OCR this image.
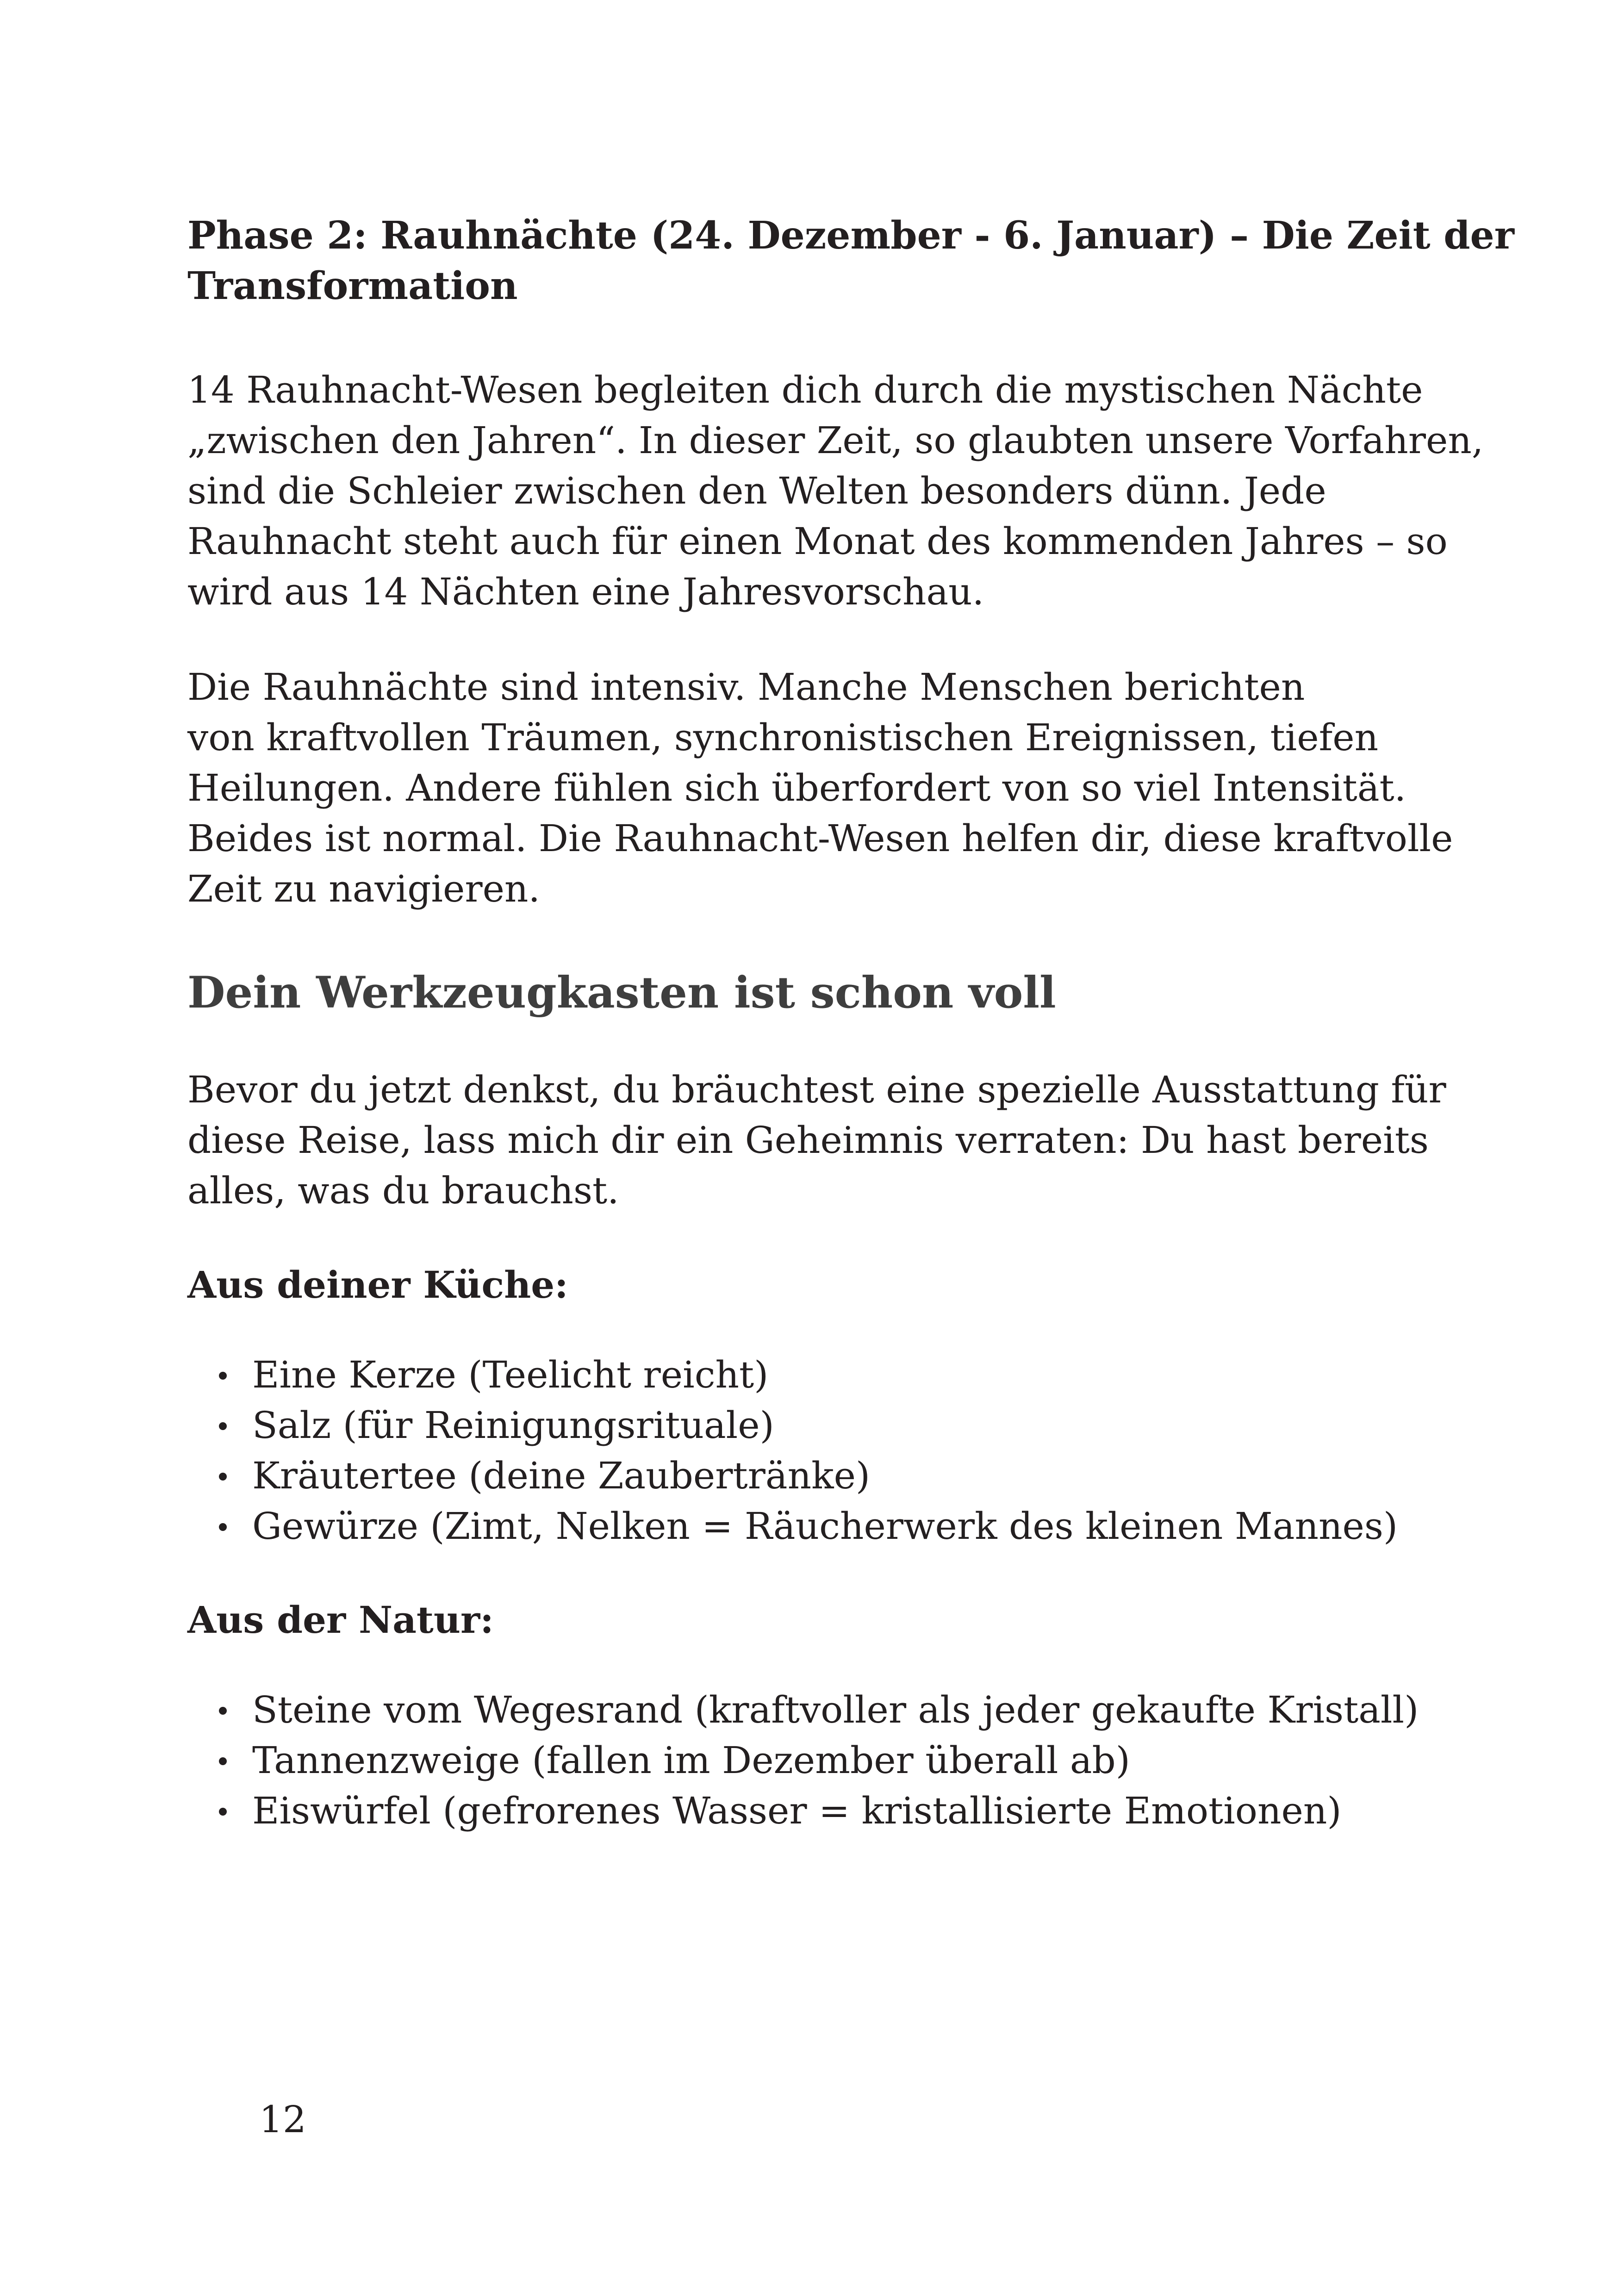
Phase 2: Rauhnächte (24. Dezember - 6. Januar) – Die Zeit der
Transformation
14 Rauhnacht-Wesen begleiten dich durch die mystischen Nächte
„zwischen den Jahren“. In dieser Zeit, so glaubten unsere Vorfahren,
sind die Schleier zwischen den Welten besonders dünn. Jede
Rauhnacht steht auch für einen Monat des kommenden Jahres – so
wird aus 14 Nächten eine Jahresvorschau.
Die Rauhnächte sind intensiv. Manche Menschen berichten
von kraftvollen Träumen, synchronistischen Ereignissen, tiefen
Heilungen. Andere fühlen sich überfordert von so viel Intensität.
Beides ist normal. Die Rauhnacht-Wesen helfen dir, diese kraftvolle
Zeit zu navigieren.
Dein Werkzeugkasten ist schon voll
Bevor du jetzt denkst, du bräuchtest eine spezielle Ausstattung für
diese Reise, lass mich dir ein Geheimnis verraten: Du hast bereits
alles, was du brauchst.
Aus deiner Küche:
Eine Kerze (Teelicht reicht)
Salz (für Reinigungsrituale)
Kräutertee (deine Zaubertränke)
Gewürze (Zimt, Nelken = Räucherwerk des kleinen Mannes)
Aus der Natur:
Steine vom Wegesrand (kraftvoller als jeder gekaufte Kristall)
Tannenzweige (fallen im Dezember überall ab)
Eiswürfel (gefrorenes Wasser = kristallisierte Emotionen)
12
